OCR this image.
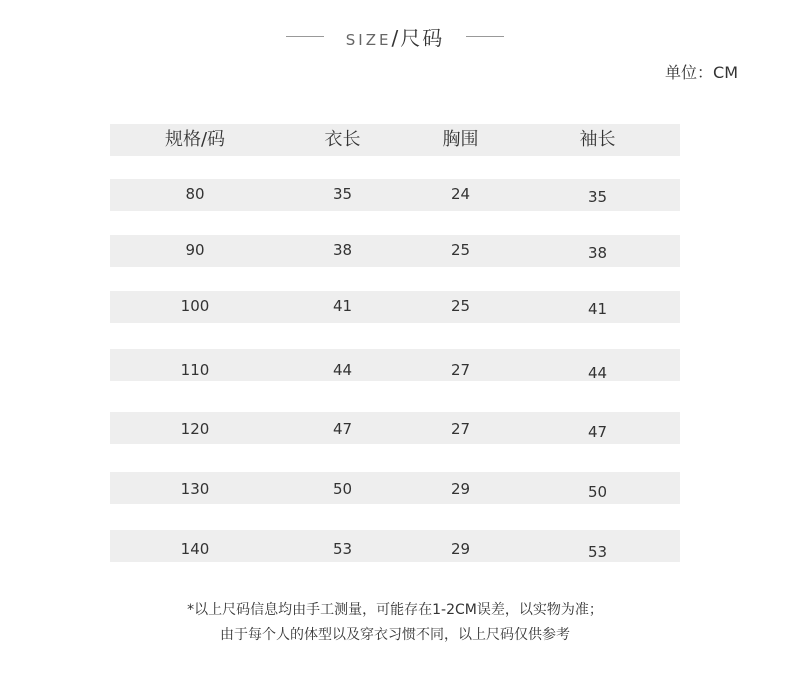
SIZE/尺码
单位：CM
规格/码	衣长	胸围	袖长
80	35	24	35
90	38	25	38
100	41	25	41
110	44	27	44
120	47	27	47
130	50	29	50
140	53	29	53
*以上尺码信息均由手工测量，可能存在1-2CM误差，以实物为准；
由于每个人的体型以及穿衣习惯不同，以上尺码仅供参考
